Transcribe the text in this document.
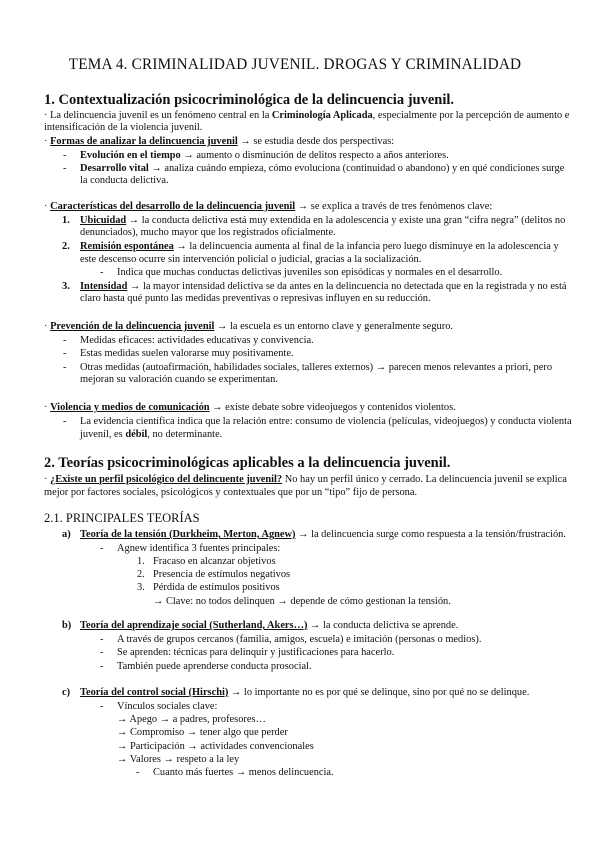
TEMA 4. CRIMINALIDAD JUVENIL. DROGAS Y CRIMINALIDAD
1. Contextualización psicocriminológica de la delincuencia juvenil.
· La delincuencia juvenil es un fenómeno central en la Criminología Aplicada, especialmente por la percepción de aumento e
intensificación de la violencia juvenil.
· Formas de analizar la delincuencia juvenil → se estudia desde dos perspectivas:
- Evolución en el tiempo → aumento o disminución de delitos respecto a años anteriores.
- Desarrollo vital → analiza cuándo empieza, cómo evoluciona (continuidad o abandono) y en qué condiciones surge
la conducta delictiva.
· Características del desarrollo de la delincuencia juvenil → se explica a través de tres fenómenos clave:
1. Ubicuidad → la conducta delictiva está muy extendida en la adolescencia y existe una gran “cifra negra” (delitos no
denunciados), mucho mayor que los registrados oficialmente.
2. Remisión espontánea → la delincuencia aumenta al final de la infancia pero luego disminuye en la adolescencia y
este descenso ocurre sin intervención policial o judicial, gracias a la socialización.
- Indica que muchas conductas delictivas juveniles son episódicas y normales en el desarrollo.
3. Intensidad → la mayor intensidad delictiva se da antes en la delincuencia no detectada que en la registrada y no está
claro hasta qué punto las medidas preventivas o represivas influyen en su reducción.
· Prevención de la delincuencia juvenil → la escuela es un entorno clave y generalmente seguro.
- Medidas eficaces: actividades educativas y convivencia.
- Estas medidas suelen valorarse muy positivamente.
- Otras medidas (autoafirmación, habilidades sociales, talleres externos) → parecen menos relevantes a priori, pero
mejoran su valoración cuando se experimentan.
· Violencia y medios de comunicación → existe debate sobre videojuegos y contenidos violentos.
- La evidencia científica indica que la relación entre: consumo de violencia (películas, videojuegos) y conducta violenta
juvenil, es débil, no determinante.
2. Teorías psicocriminológicas aplicables a la delincuencia juvenil.
· ¿Existe un perfil psicológico del delincuente juvenil? No hay un perfil único y cerrado. La delincuencia juvenil se explica
mejor por factores sociales, psicológicos y contextuales que por un “tipo” fijo de persona.
2.1. PRINCIPALES TEORÍAS
a) Teoría de la tensión (Durkheim, Merton, Agnew) → la delincuencia surge como respuesta a la tensión/frustración.
- Agnew identifica 3 fuentes principales:
1. Fracaso en alcanzar objetivos
2. Presencia de estímulos negativos
3. Pérdida de estímulos positivos
→ Clave: no todos delinquen → depende de cómo gestionan la tensión.
b) Teoría del aprendizaje social (Sutherland, Akers…) → la conducta delictiva se aprende.
- A través de grupos cercanos (familia, amigos, escuela) e imitación (personas o medios).
- Se aprenden: técnicas para delinquir y justificaciones para hacerlo.
- También puede aprenderse conducta prosocial.
c) Teoría del control social (Hirschi) → lo importante no es por qué se delinque, sino por qué no se delinque.
- Vínculos sociales clave:
→ Apego → a padres, profesores…
→ Compromiso → tener algo que perder
→ Participación → actividades convencionales
→ Valores → respeto a la ley
- Cuanto más fuertes → menos delincuencia.
